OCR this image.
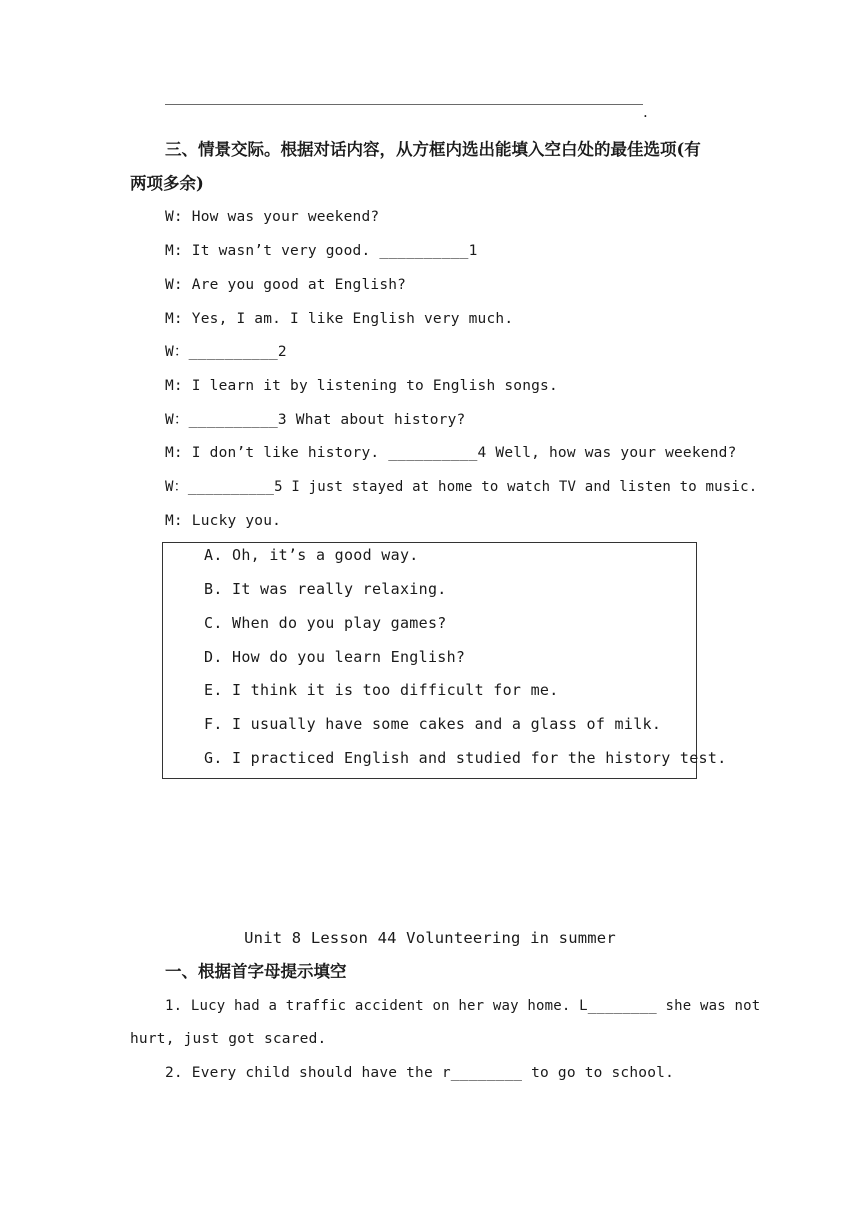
.
三、情景交际。根据对话内容，从方框内选出能填入空白处的最佳选项(有
两项多余)
W: How was your weekend?
M: It wasn’t very good. __________1
W: Are you good at English?
M: Yes, I am. I like English very much.
W：__________2
M: I learn it by listening to English songs.
W：__________3 What about history?
M: I don’t like history. __________4 Well, how was your weekend?
W：__________5 I just stayed at home to watch TV and listen to music.
M: Lucky you.
A. Oh, it’s a good way.
B. It was really relaxing.
C. When do you play games?
D. How do you learn English?
E. I think it is too difficult for me.
F. I usually have some cakes and a glass of milk.
G. I practiced English and studied for the history test.
Unit 8 Lesson 44 Volunteering in summer
一、根据首字母提示填空
1. Lucy had a traffic accident on her way home. L________ she was not
hurt, just got scared.
2. Every child should have the r________ to go to school.
